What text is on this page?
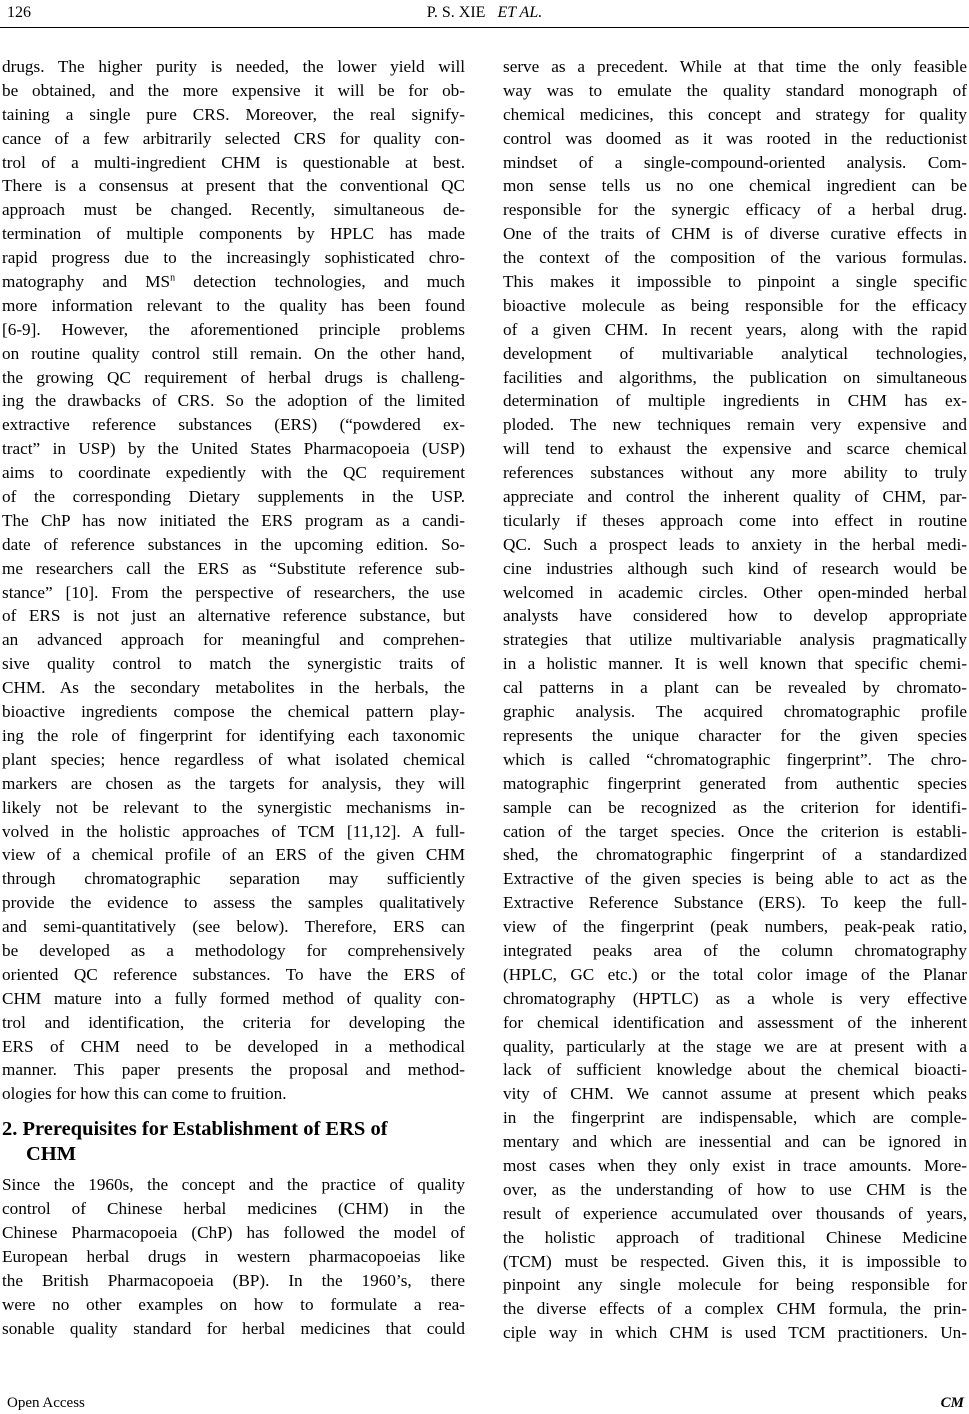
126	P. S. XIE ET AL.
drugs. The higher purity is needed, the lower yield will
be obtained, and the more expensive it will be for ob-
taining a single pure CRS. Moreover, the real signify-
cance of a few arbitrarily selected CRS for quality con-
trol of a multi-ingredient CHM is questionable at best.
There is a consensus at present that the conventional QC
approach must be changed. Recently, simultaneous de-
termination of multiple components by HPLC has made
rapid progress due to the increasingly sophisticated chro-
matography and $MS^n$ detection technologies, and much
more information relevant to the quality has been found
[6-9]. However, the aforementioned principle problems
on routine quality control still remain. On the other hand,
the growing QC requirement of herbal drugs is challeng-
ing the drawbacks of CRS. So the adoption of the limited
extractive reference substances (ERS) (“powdered ex-
tract” in USP) by the United States Pharmacopoeia (USP)
aims to coordinate expediently with the QC requirement
of the corresponding Dietary supplements in the USP.
The ChP has now initiated the ERS program as a candi-
date of reference substances in the upcoming edition. So-
me researchers call the ERS as “Substitute reference sub-
stance” [10]. From the perspective of researchers, the use
of ERS is not just an alternative reference substance, but
an advanced approach for meaningful and comprehen-
sive quality control to match the synergistic traits of
CHM. As the secondary metabolites in the herbals, the
bioactive ingredients compose the chemical pattern play-
ing the role of fingerprint for identifying each taxonomic
plant species; hence regardless of what isolated chemical
markers are chosen as the targets for analysis, they will
likely not be relevant to the synergistic mechanisms in-
volved in the holistic approaches of TCM [11,12]. A full-
view of a chemical profile of an ERS of the given CHM
through chromatographic separation may sufficiently
provide the evidence to assess the samples qualitatively
and semi-quantitatively (see below). Therefore, ERS can
be developed as a methodology for comprehensively
oriented QC reference substances. To have the ERS of
CHM mature into a fully formed method of quality con-
trol and identification, the criteria for developing the
ERS of CHM need to be developed in a methodical
manner. This paper presents the proposal and method-
ologies for how this can come to fruition.
2. Prerequisites for Establishment of ERS of
CHM
Since the 1960s, the concept and the practice of quality
control of Chinese herbal medicines (CHM) in the
Chinese Pharmacopoeia (ChP) has followed the model of
European herbal drugs in western pharmacopoeias like
the British Pharmacopoeia (BP). In the 1960’s, there
were no other examples on how to formulate a rea-
sonable quality standard for herbal medicines that could
serve as a precedent. While at that time the only feasible
way was to emulate the quality standard monograph of
chemical medicines, this concept and strategy for quality
control was doomed as it was rooted in the reductionist
mindset of a single-compound-oriented analysis. Com-
mon sense tells us no one chemical ingredient can be
responsible for the synergic efficacy of a herbal drug.
One of the traits of CHM is of diverse curative effects in
the context of the composition of the various formulas.
This makes it impossible to pinpoint a single specific
bioactive molecule as being responsible for the efficacy
of a given CHM. In recent years, along with the rapid
development of multivariable analytical technologies,
facilities and algorithms, the publication on simultaneous
determination of multiple ingredients in CHM has ex-
ploded. The new techniques remain very expensive and
will tend to exhaust the expensive and scarce chemical
references substances without any more ability to truly
appreciate and control the inherent quality of CHM, par-
ticularly if theses approach come into effect in routine
QC. Such a prospect leads to anxiety in the herbal medi-
cine industries although such kind of research would be
welcomed in academic circles. Other open-minded herbal
analysts have considered how to develop appropriate
strategies that utilize multivariable analysis pragmatically
in a holistic manner. It is well known that specific chemi-
cal patterns in a plant can be revealed by chromato-
graphic analysis. The acquired chromatographic profile
represents the unique character for the given species
which is called “chromatographic fingerprint”. The chro-
matographic fingerprint generated from authentic species
sample can be recognized as the criterion for identifi-
cation of the target species. Once the criterion is establi-
shed, the chromatographic fingerprint of a standardized
Extractive of the given species is being able to act as the
Extractive Reference Substance (ERS). To keep the full-
view of the fingerprint (peak numbers, peak-peak ratio,
integrated peaks area of the column chromatography
(HPLC, GC etc.) or the total color image of the Planar
chromatography (HPTLC) as a whole is very effective
for chemical identification and assessment of the inherent
quality, particularly at the stage we are at present with a
lack of sufficient knowledge about the chemical bioacti-
vity of CHM. We cannot assume at present which peaks
in the fingerprint are indispensable, which are comple-
mentary and which are inessential and can be ignored in
most cases when they only exist in trace amounts. More-
over, as the understanding of how to use CHM is the
result of experience accumulated over thousands of years,
the holistic approach of traditional Chinese Medicine
(TCM) must be respected. Given this, it is impossible to
pinpoint any single molecule for being responsible for
the diverse effects of a complex CHM formula, the prin-
ciple way in which CHM is used TCM practitioners. Un-
Open Access	CM
